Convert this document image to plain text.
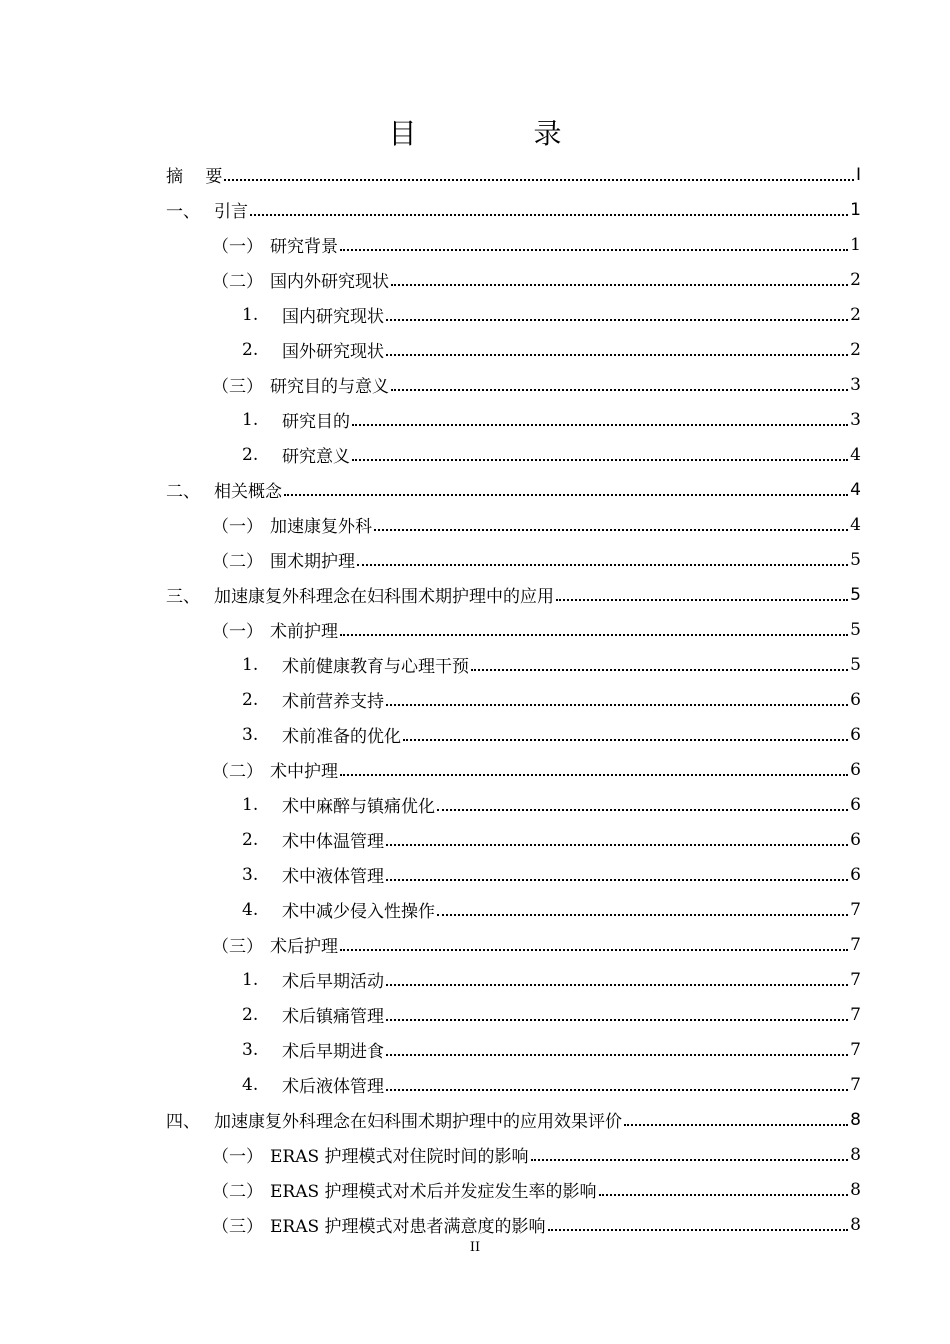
目 录
摘　 要	I
一、 引言	1
（一） 研究背景	1
（二） 国内外研究现状	2
1.	国内研究现状	2
2.	国外研究现状	2
（三） 研究目的与意义	3
1.	研究目的	3
2.	研究意义	4
二、 相关概念	4
（一） 加速康复外科	4
（二） 围术期护理	5
三、 加速康复外科理念在妇科围术期护理中的应用	5
（一） 术前护理	5
1.	术前健康教育与心理干预	5
2.	术前营养支持	6
3.	术前准备的优化	6
（二） 术中护理	6
1.	术中麻醉与镇痛优化	6
2.	术中体温管理	6
3.	术中液体管理	6
4.	术中减少侵入性操作	7
（三） 术后护理	7
1.	术后早期活动	7
2.	术后镇痛管理	7
3.	术后早期进食	7
4.	术后液体管理	7
四、 加速康复外科理念在妇科围术期护理中的应用效果评价	8
（一） ERAS 护理模式对住院时间的影响	8
（二） ERAS 护理模式对术后并发症发生率的影响	8
（三） ERAS 护理模式对患者满意度的影响	8
II
